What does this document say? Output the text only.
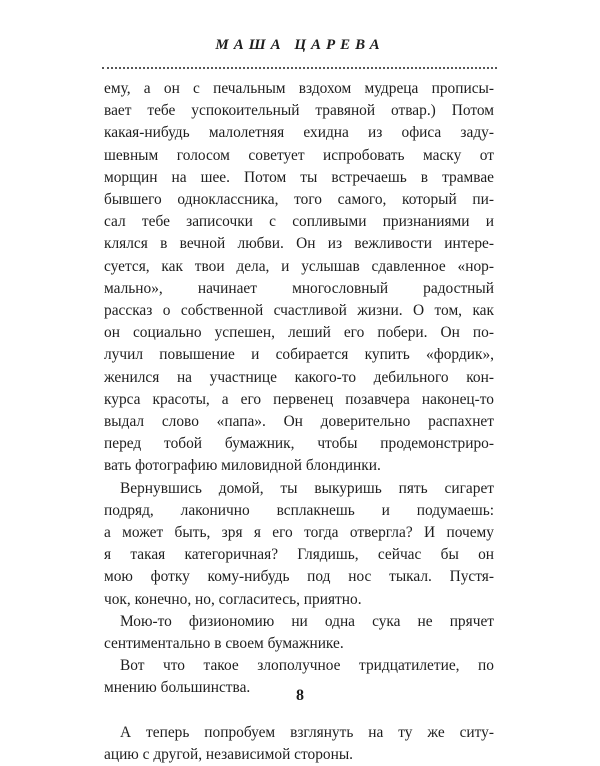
МАША ЦАРЕВА
ему, а он с печальным вздохом мудреца прописы-
вает тебе успокоительный травяной отвар.) Потом
какая-нибудь малолетняя ехидна из офиса заду-
шевным голосом советует испробовать маску от
морщин на шее. Потом ты встречаешь в трамвае
бывшего одноклассника, того самого, который пи-
сал тебе записочки с сопливыми признаниями и
клялся в вечной любви. Он из вежливости интере-
суется, как твои дела, и услышав сдавленное «нор-
мально», начинает многословный радостный
рассказ о собственной счастливой жизни. О том, как
он социально успешен, леший его побери. Он по-
лучил повышение и собирается купить «фордик»,
женился на участнице какого-то дебильного кон-
курса красоты, а его первенец позавчера наконец-то
выдал слово «папа». Он доверительно распахнет
перед тобой бумажник, чтобы продемонстриро-
вать фотографию миловидной блондинки.
Вернувшись домой, ты выкуришь пять сигарет
подряд, лаконично всплакнешь и подумаешь:
а может быть, зря я его тогда отвергла? И почему
я такая категоричная? Глядишь, сейчас бы он
мою фотку кому-нибудь под нос тыкал. Пустя-
чок, конечно, но, согласитесь, приятно.
Мою-то физиономию ни одна сука не прячет
сентиментально в своем бумажнике.
Вот что такое злополучное тридцатилетие, по
мнению большинства.
А теперь попробуем взглянуть на ту же ситу-
ацию с другой, независимой стороны.
8
